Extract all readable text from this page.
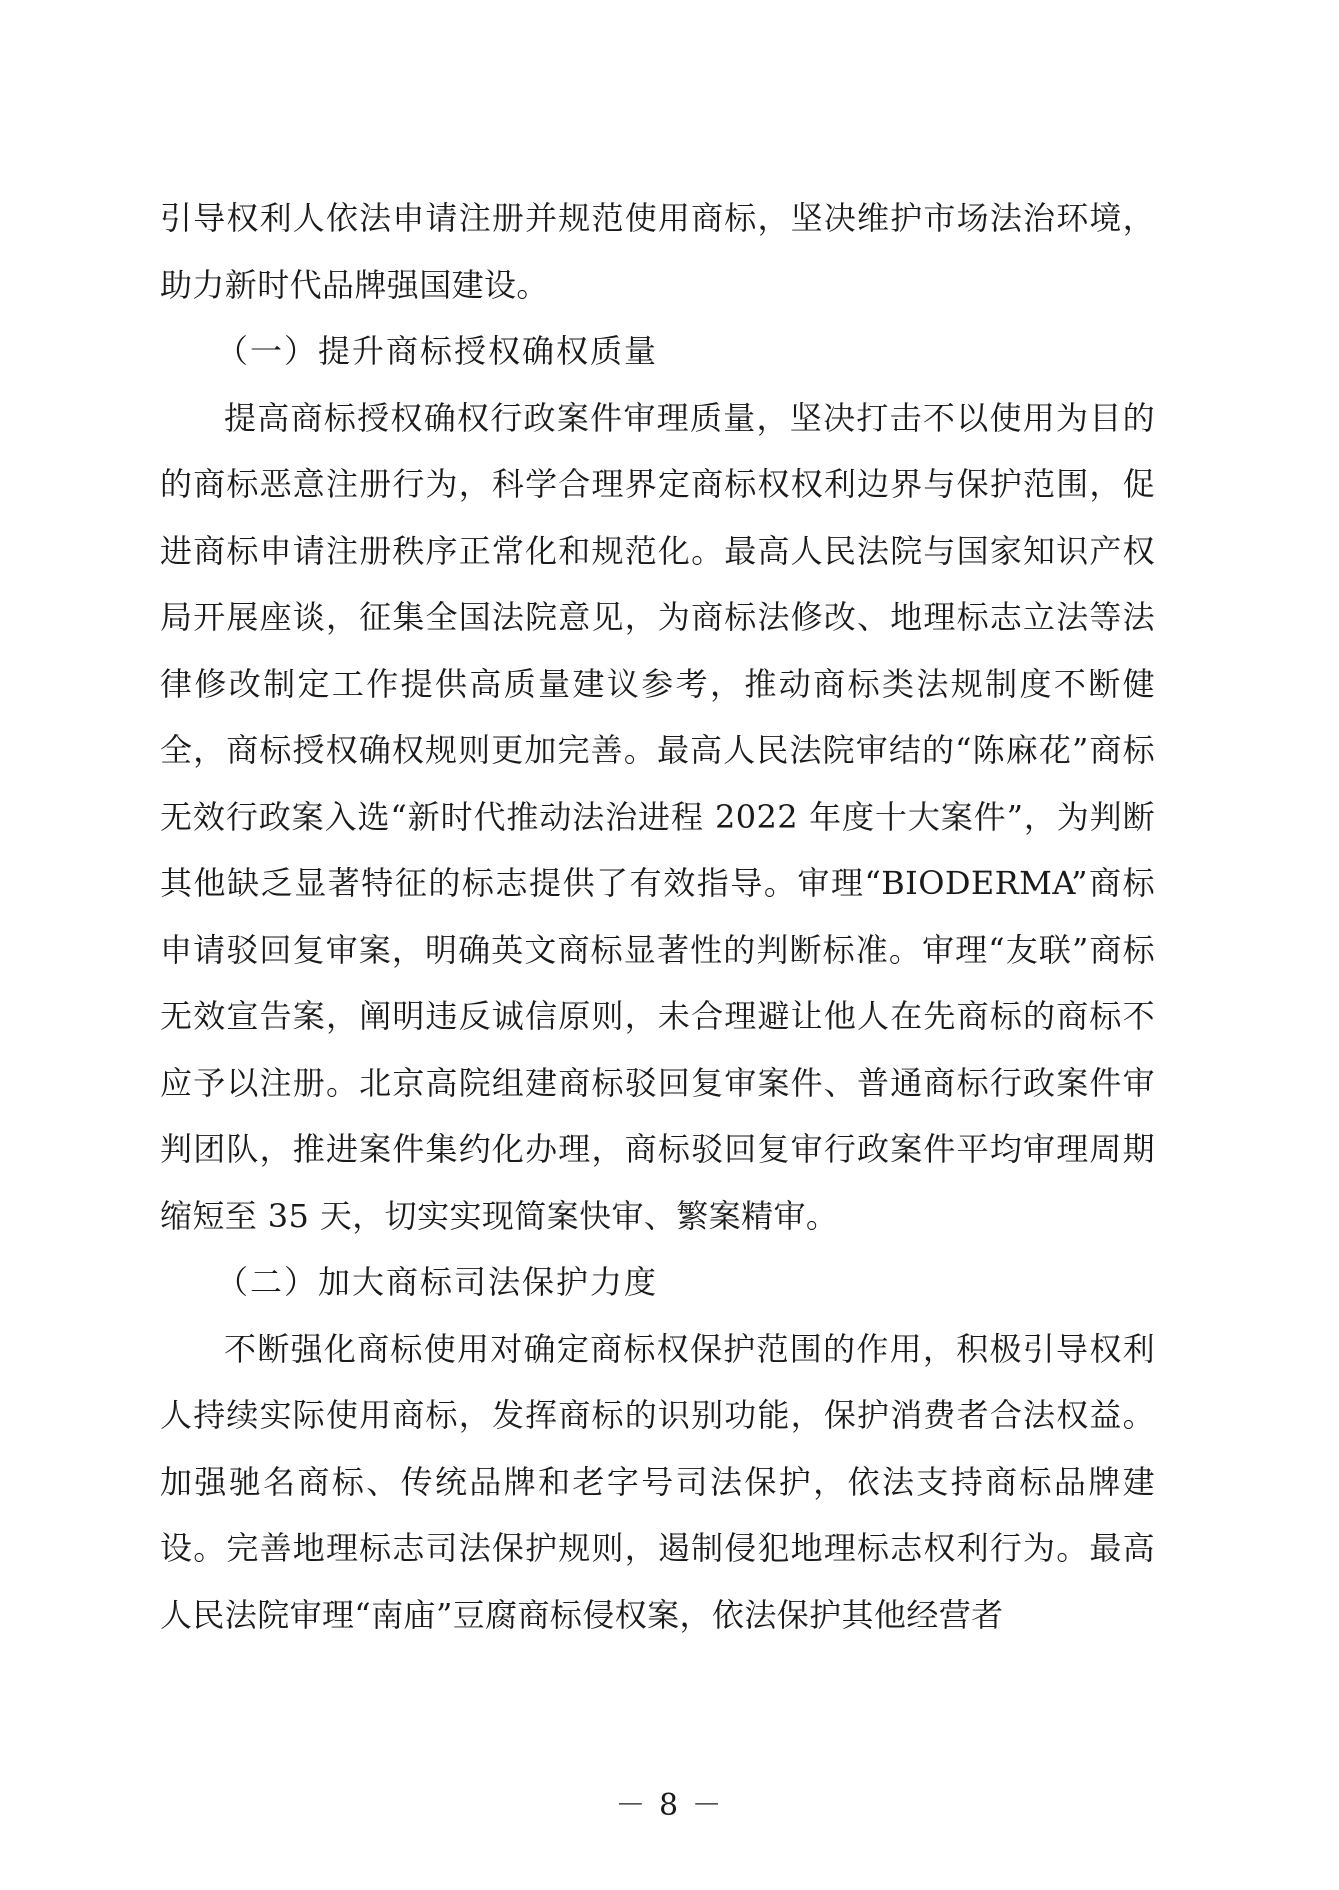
引导权利人依法申请注册并规范使用商标，坚决维护市场法治环境，助力新时代品牌强国建设。

（一）提升商标授权确权质量

提高商标授权确权行政案件审理质量，坚决打击不以使用为目的的商标恶意注册行为，科学合理界定商标权权利边界与保护范围，促进商标申请注册秩序正常化和规范化。最高人民法院与国家知识产权局开展座谈，征集全国法院意见，为商标法修改、地理标志立法等法律修改制定工作提供高质量建议参考，推动商标类法规制度不断健全，商标授权确权规则更加完善。最高人民法院审结的“陈麻花”商标无效行政案入选“新时代推动法治进程 2022 年度十大案件”，为判断其他缺乏显著特征的标志提供了有效指导。审理“BIODERMA”商标申请驳回复审案，明确英文商标显著性的判断标准。审理“友联”商标无效宣告案，阐明违反诚信原则，未合理避让他人在先商标的商标不应予以注册。北京高院组建商标驳回复审案件、普通商标行政案件审判团队，推进案件集约化办理，商标驳回复审行政案件平均审理周期缩短至 35 天，切实实现简案快审、繁案精审。

（二）加大商标司法保护力度

不断强化商标使用对确定商标权保护范围的作用，积极引导权利人持续实际使用商标，发挥商标的识别功能，保护消费者合法权益。加强驰名商标、传统品牌和老字号司法保护，依法支持商标品牌建设。完善地理标志司法保护规则，遏制侵犯地理标志权利行为。最高人民法院审理“南庙”豆腐商标侵权案，依法保护其他经营者

－ 8 －
